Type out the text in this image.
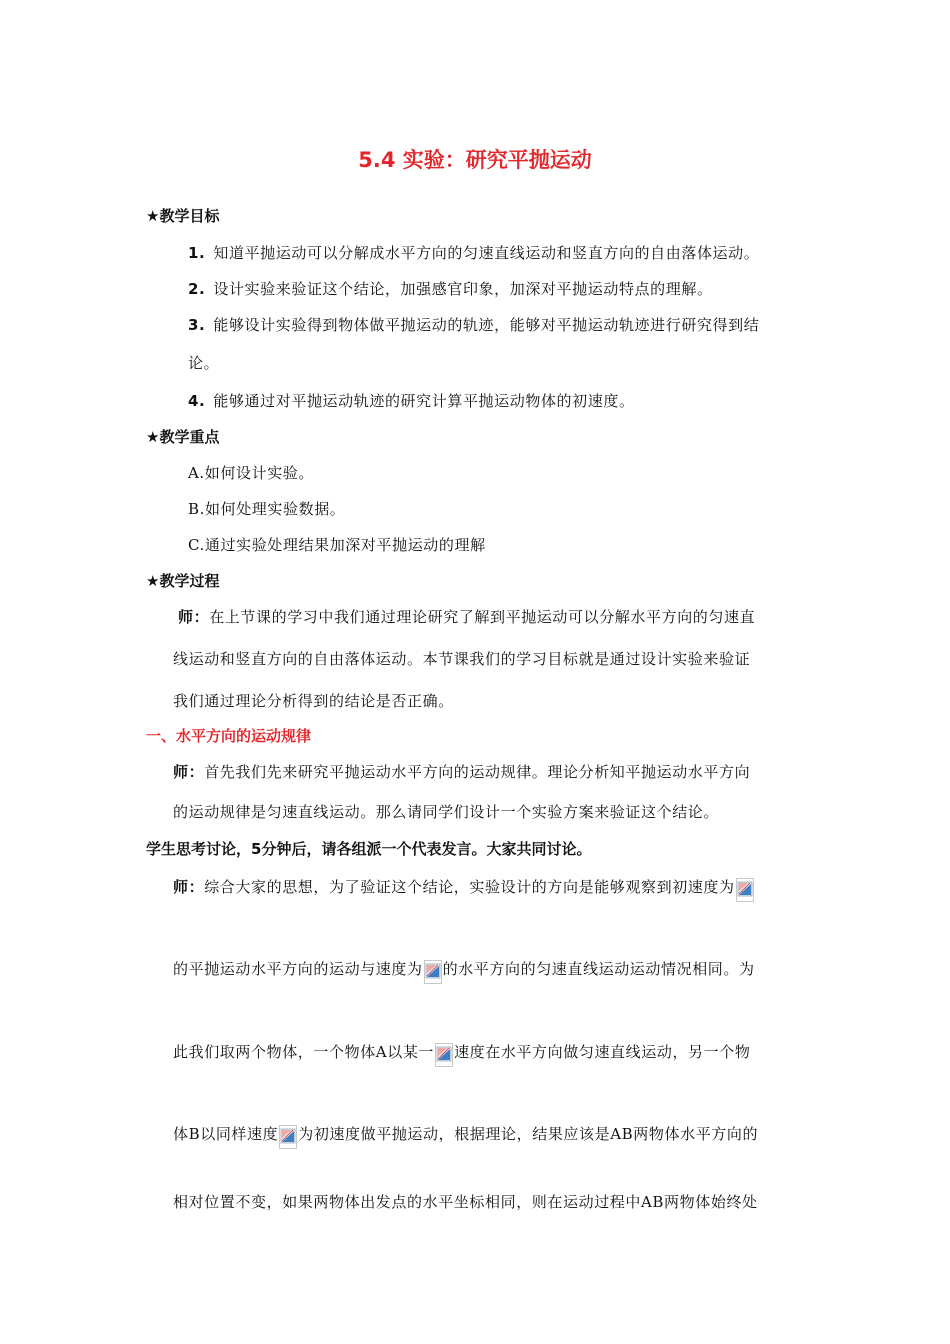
5.4 实验：研究平抛运动
★教学目标
1. 知道平抛运动可以分解成水平方向的匀速直线运动和竖直方向的自由落体运动。
2. 设计实验来验证这个结论，加强感官印象，加深对平抛运动特点的理解。
3. 能够设计实验得到物体做平抛运动的轨迹，能够对平抛运动轨迹进行研究得到结
论。
4. 能够通过对平抛运动轨迹的研究计算平抛运动物体的初速度。
★教学重点
A.如何设计实验。
B.如何处理实验数据。
C.通过实验处理结果加深对平抛运动的理解
★教学过程
师：在上节课的学习中我们通过理论研究了解到平抛运动可以分解水平方向的匀速直
线运动和竖直方向的自由落体运动。本节课我们的学习目标就是通过设计实验来验证
我们通过理论分析得到的结论是否正确。
一、水平方向的运动规律
师：首先我们先来研究平抛运动水平方向的运动规律。理论分析知平抛运动水平方向
的运动规律是匀速直线运动。那么请同学们设计一个实验方案来验证这个结论。
学生思考讨论，5分钟后，请各组派一个代表发言。大家共同讨论。
师：综合大家的思想，为了验证这个结论，实验设计的方向是能够观察到初速度为
的平抛运动水平方向的运动与速度为 的水平方向的匀速直线运动运动情况相同。为
此我们取两个物体，一个物体A以某一 速度在水平方向做匀速直线运动，另一个物
体B以同样速度 为初速度做平抛运动，根据理论，结果应该是AB两物体水平方向的
相对位置不变，如果两物体出发点的水平坐标相同，则在运动过程中AB两物体始终处
